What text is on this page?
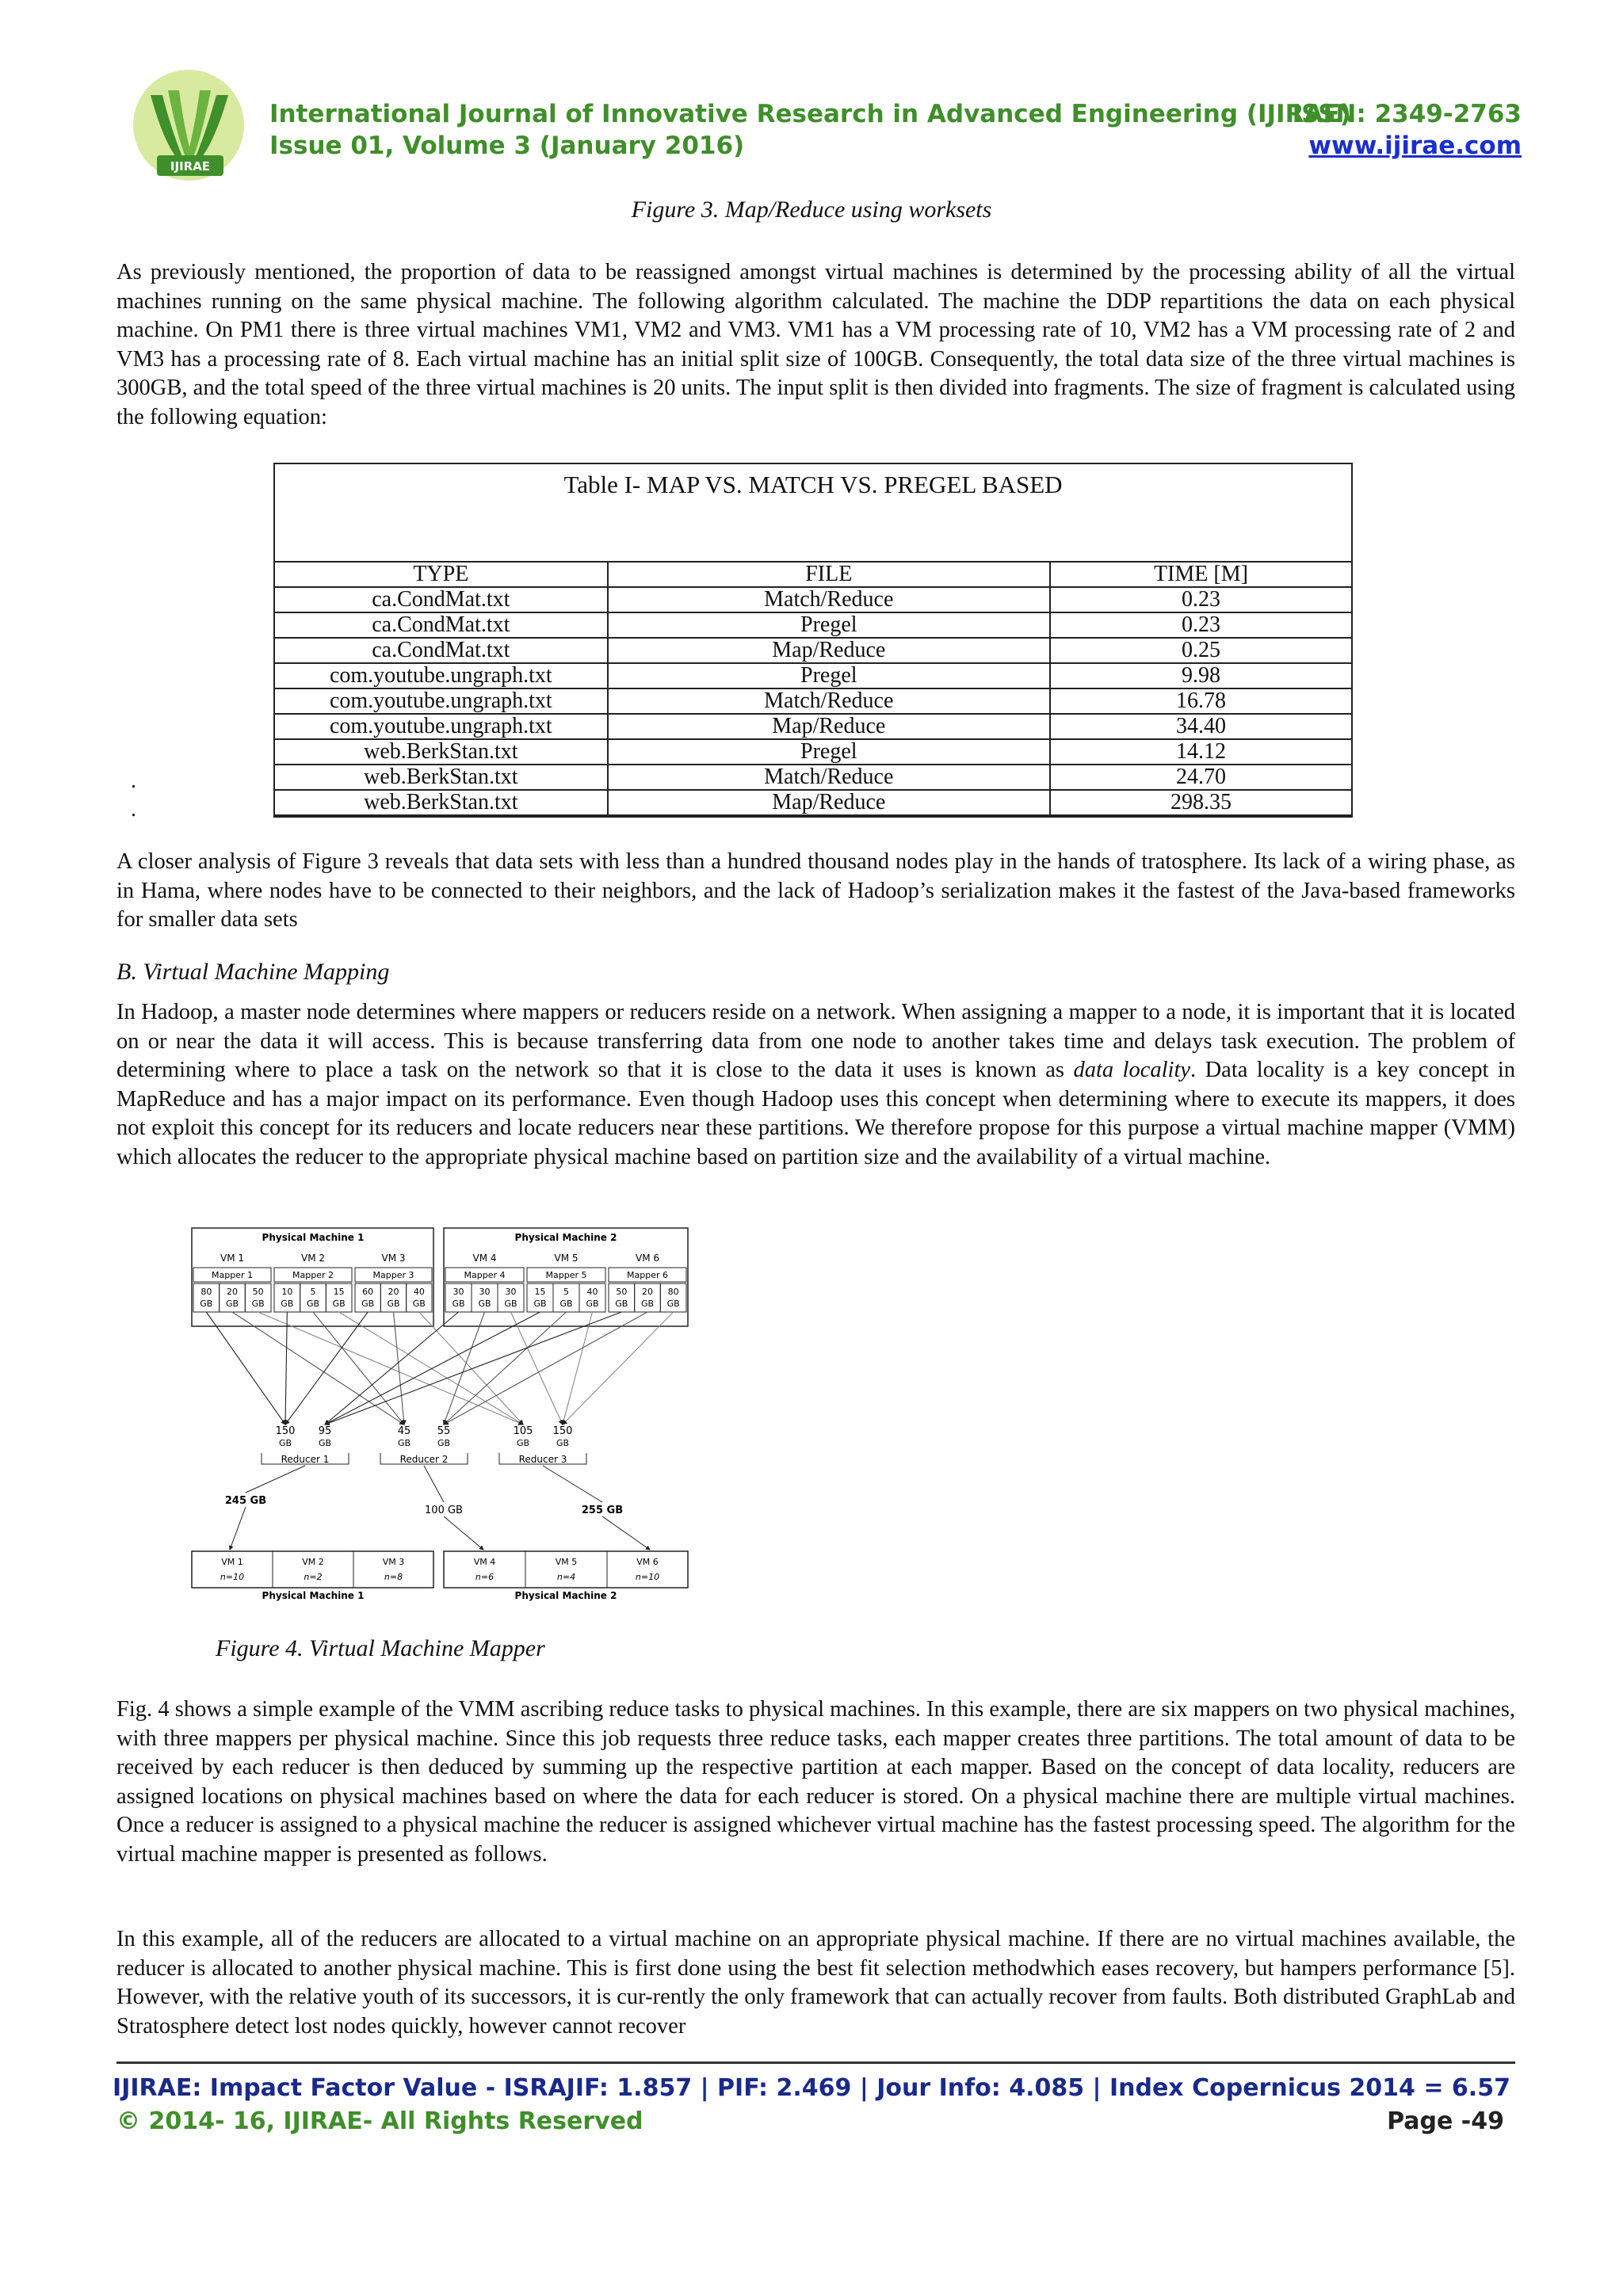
IJIRAE
International Journal of Innovative Research in Advanced Engineering (IJIRAE)
Issue 01, Volume 3 (January 2016)
ISSN: 2349-2763
www.ijirae.com
Figure 3. Map/Reduce using worksets
As previously mentioned, the proportion of data to be reassigned amongst virtual machines is determined by the processing ability of all the virtual machines running on the same physical machine. The following algorithm calculated. The machine the DDP repartitions the data on each physical machine. On PM1 there is three virtual machines VM1, VM2 and VM3. VM1 has a VM processing rate of 10, VM2 has a VM processing rate of 2 and VM3 has a processing rate of 8. Each virtual machine has an initial split size of 100GB. Consequently, the total data size of the three virtual machines is 300GB, and the total speed of the three virtual machines is 20 units. The input split is then divided into fragments. The size of fragment is calculated using the following equation:
Table I- MAP VS. MATCH VS. PREGEL BASED
TYPE	FILE	TIME [M]
ca.CondMat.txt	Match/Reduce	0.23
ca.CondMat.txt	Pregel	0.23
ca.CondMat.txt	Map/Reduce	0.25
com.youtube.ungraph.txt	Pregel	9.98
com.youtube.ungraph.txt	Match/Reduce	16.78
com.youtube.ungraph.txt	Map/Reduce	34.40
web.BerkStan.txt	Pregel	14.12
web.BerkStan.txt	Match/Reduce	24.70
web.BerkStan.txt	Map/Reduce	298.35
.
.
A closer analysis of Figure 3 reveals that data sets with less than a hundred thousand nodes play in the hands of tratosphere. Its lack of a wiring phase, as in Hama, where nodes have to be connected to their neighbors, and the lack of Hadoop’s serialization makes it the fastest of the Java-based frameworks for smaller data sets
B. Virtual Machine Mapping
In Hadoop, a master node determines where mappers or reducers reside on a network. When assigning a mapper to a node, it is important that it is located on or near the data it will access. This is because transferring data from one node to another takes time and delays task execution. The problem of determining where to place a task on the network so that it is close to the data it uses is known as data locality. Data locality is a key concept in MapReduce and has a major impact on its performance. Even though Hadoop uses this concept when determining where to execute its mappers, it does not exploit this concept for its reducers and locate reducers near these partitions. We therefore propose for this purpose a virtual machine mapper (VMM) which allocates the reducer to the appropriate physical machine based on partition size and the availability of a virtual machine.
Physical Machine 1	Physical Machine 2
VM 1
Mapper 1
80
GB
20
GB
50
GB
VM 2
Mapper 2
10
GB
5
GB
15
GB
VM 3
Mapper 3
60
GB
20
GB
40
GB
VM 4
Mapper 4
30
GB
30
GB
30
GB
VM 5
Mapper 5
15
GB
5
GB
40
GB
VM 6
Mapper 6
50
GB
20
GB
80
GB
150
GB
95
GB
Reducer 1
45
GB
55
GB
Reducer 2
105
GB
150
GB
Reducer 3
245 GB
100 GB	255 GB
VM 1
n=10
VM 2
n=2
VM 3
n=8
VM 4
n=6
VM 5
n=4
VM 6
n=10
Physical Machine 1	Physical Machine 2
Figure 4. Virtual Machine Mapper
Fig. 4 shows a simple example of the VMM ascribing reduce tasks to physical machines. In this example, there are six mappers on two physical machines, with three mappers per physical machine. Since this job requests three reduce tasks, each mapper creates three partitions. The total amount of data to be received by each reducer is then deduced by summing up the respective partition at each mapper. Based on the concept of data locality, reducers are assigned locations on physical machines based on where the data for each reducer is stored. On a physical machine there are multiple virtual machines. Once a reducer is assigned to a physical machine the reducer is assigned whichever virtual machine has the fastest processing speed. The algorithm for the virtual machine mapper is presented as follows.
In this example, all of the reducers are allocated to a virtual machine on an appropriate physical machine. If there are no virtual machines available, the reducer is allocated to another physical machine. This is first done using the best fit selection methodwhich eases recovery, but hampers performance [5]. However, with the relative youth of its successors, it is cur-rently the only framework that can actually recover from faults. Both distributed GraphLab and Stratosphere detect lost nodes quickly, however cannot recover
IJIRAE: Impact Factor Value - ISRAJIF: 1.857 | PIF: 2.469 | Jour Info: 4.085 | Index Copernicus 2014 = 6.57
© 2014- 16, IJIRAE- All Rights Reserved	Page -49
